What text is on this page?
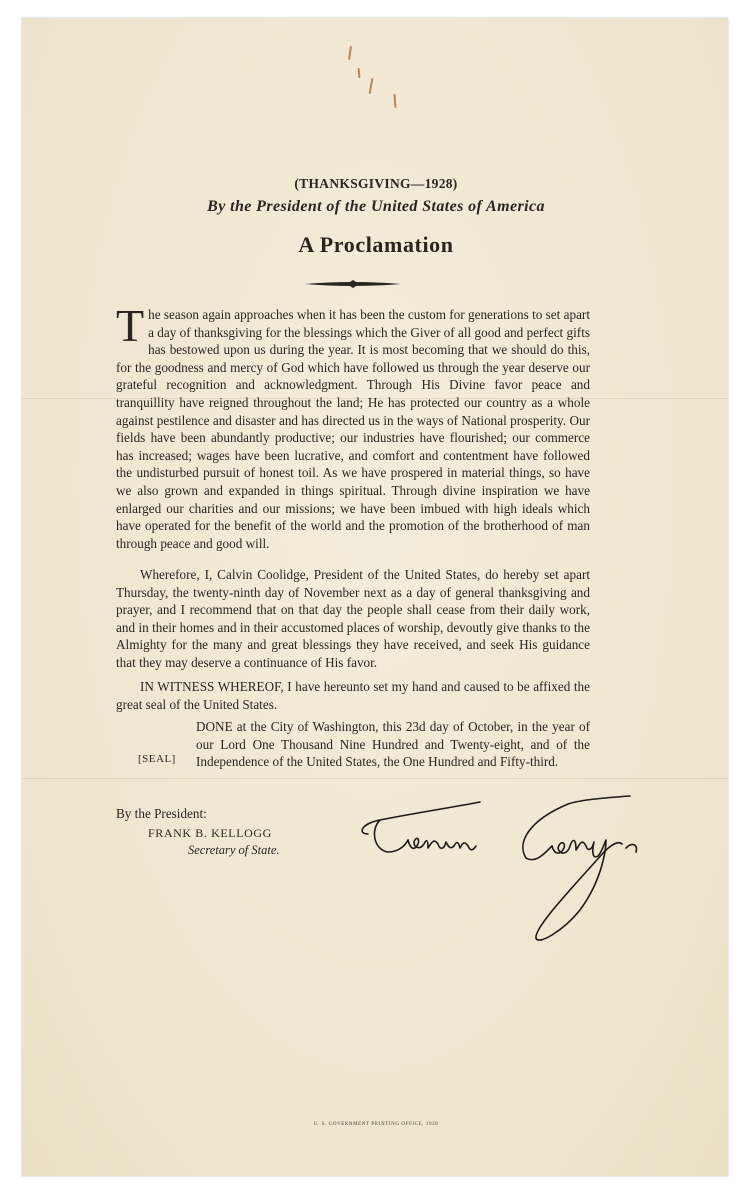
(THANKSGIVING—1928)
By the President of the United States of America
A Proclamation
The season again approaches when it has been the custom for generations to set apart a day of thanksgiving for the blessings which the Giver of all good and perfect gifts has bestowed upon us during the year. It is most becoming that we should do this, for the goodness and mercy of God which have followed us through the year deserve our grateful recognition and acknowledgment. Through His Divine favor peace and tranquillity have reigned throughout the land; He has protected our country as a whole against pestilence and disaster and has directed us in the ways of National prosperity. Our fields have been abundantly productive; our industries have flourished; our commerce has increased; wages have been lucrative, and comfort and contentment have followed the undisturbed pursuit of honest toil. As we have prospered in material things, so have we also grown and expanded in things spiritual. Through divine inspiration we have enlarged our charities and our missions; we have been imbued with high ideals which have operated for the benefit of the world and the promotion of the brotherhood of man through peace and good will.
Wherefore, I, Calvin Coolidge, President of the United States, do hereby set apart Thursday, the twenty-ninth day of November next as a day of general thanksgiving and prayer, and I recommend that on that day the people shall cease from their daily work, and in their homes and in their accustomed places of worship, devoutly give thanks to the Almighty for the many and great blessings they have received, and seek His guidance that they may deserve a continuance of His favor.
IN WITNESS WHEREOF, I have hereunto set my hand and caused to be affixed the great seal of the United States.
DONE at the City of Washington, this 23d day of October, in the year of our Lord One Thousand Nine Hundred and Twenty-eight, and of the Independence of the United States, the One Hundred and Fifty-third.
[SEAL]
By the President:
FRANK B. KELLOGG
Secretary of State.
U. S. GOVERNMENT PRINTING OFFICE, 1928
